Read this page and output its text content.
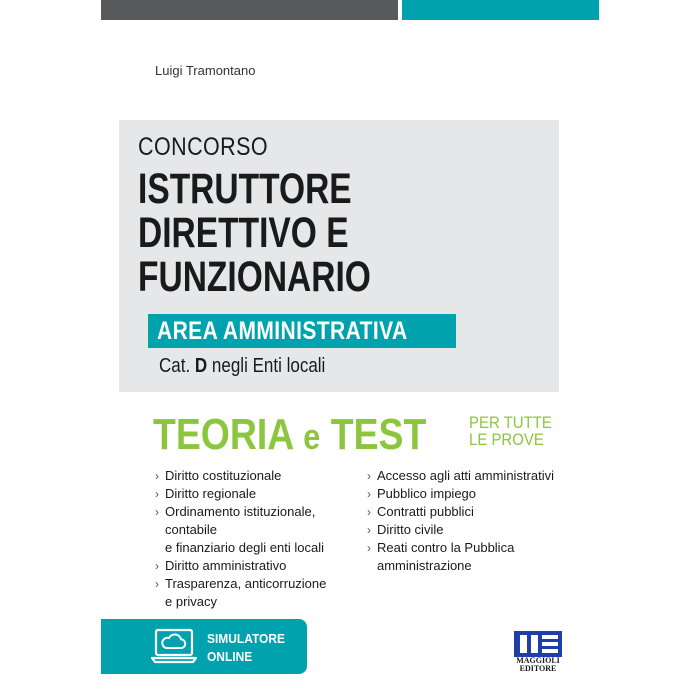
Luigi Tramontano
CONCORSO
ISTRUTTORE
DIRETTIVO E
FUNZIONARIO
AREA AMMINISTRATIVA
Cat. D negli Enti locali
TEORIA e TEST	PER TUTTE
LE PROVE
› Diritto costituzionale
› Diritto regionale
› Ordinamento istituzionale, contabile
e finanziario degli enti locali
› Diritto amministrativo
› Trasparenza, anticorruzione
e privacy
› Accesso agli atti amministrativi
› Pubblico impiego
› Contratti pubblici
› Diritto civile
› Reati contro la Pubblica
amministrazione
SIMULATORE
ONLINE	MAGGIOLI
EDITORE
